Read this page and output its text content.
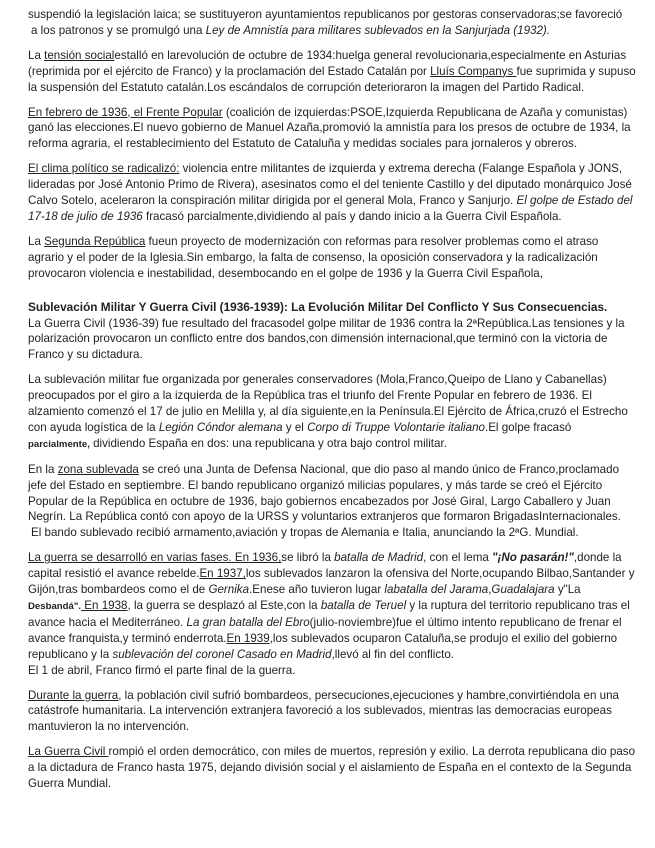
suspendió la legislación laica; se sustituyeron ayuntamientos republicanos por gestoras conservadoras;se favoreció
a los patronos y se promulgó una Ley de Amnistía para militares sublevados en la Sanjurjada (1932).

La tensión socialestalló en larevolución de octubre de 1934:huelga general revolucionaria,especialmente en Asturias (reprimida por el ejército de Franco) y la proclamación del Estado Catalán por Lluís Companys fue suprimida y supuso la suspensión del Estatuto catalán.Los escándalos de corrupción deterioraron la imagen del Partido Radical.

En febrero de 1936, el Frente Popular (coalición de izquierdas:PSOE,Izquierda Republicana de Azaña y comunistas) ganó las elecciones.El nuevo gobierno de Manuel Azaña,promovió la amnistía para los presos de octubre de 1934, la reforma agraria, el restablecimiento del Estatuto de Cataluña y medidas sociales para jornaleros y obreros.

El clima político se radicalizó: violencia entre militantes de izquierda y extrema derecha (Falange Española y JONS, lideradas por José Antonio Primo de Rivera), asesinatos como el del teniente Castillo y del diputado monárquico José Calvo Sotelo, aceleraron la conspiración militar dirigida por el general Mola, Franco y Sanjurjo. El golpe de Estado del 17-18 de julio de 1936 fracasó parcialmente,dividiendo al país y dando inicio a la Guerra Civil Española.

La Segunda República fueun proyecto de modernización con reformas para resolver problemas como el atraso agrario y el poder de la Iglesia.Sin embargo, la falta de consenso, la oposición conservadora y la radicalización provocaron violencia e inestabilidad, desembocando en el golpe de 1936 y la Guerra Civil Española,

Sublevación Militar Y Guerra Civil (1936-1939): La Evolución Militar Del Conflicto Y Sus Consecuencias.

La Guerra Civil (1936-39) fue resultado del fracasodel golpe militar de 1936 contra la 2ªRepública.Las tensiones y la polarización provocaron un conflicto entre dos bandos,con dimensión internacional,que terminó con la victoria de Franco y su dictadura.

La sublevación militar fue organizada por generales conservadores (Mola,Franco,Queipo de Llano y Cabanellas) preocupados por el giro a la izquierda de la República tras el triunfo del Frente Popular en febrero de 1936. El alzamiento comenzó el 17 de julio en Melilla y, al día siguiente,en la Península.El Ejército de África,cruzó el Estrecho con ayuda logística de la Legión Cóndor alemana y el Corpo di Truppe Volontarie italiano.El golpe fracasó parcialmente, dividiendo España en dos: una republicana y otra bajo control militar.

En la zona sublevada se creó una Junta de Defensa Nacional, que dio paso al mando único de Franco,proclamado jefe del Estado en septiembre. El bando republicano organizó milicias populares, y más tarde se creó el Ejército Popular de la República en octubre de 1936, bajo gobiernos encabezados por José Giral, Largo Caballero y Juan Negrín. La República contó con apoyo de la URSS y voluntarios extranjeros que formaron BrigadasInternacionales.
El bando sublevado recibió armamento,aviación y tropas de Alemania e Italia, anunciando la 2ªG. Mundial.

La guerra se desarrolló en varias fases. En 1936,se libró la batalla de Madrid, con el lema "¡No pasarán!",donde la capital resistió el avance rebelde.En 1937,los sublevados lanzaron la ofensiva del Norte,ocupando Bilbao,Santander y Gijón,tras bombardeos como el de Gernika.Enese año tuvieron lugar labatalla del Jarama,Guadalajara y"La Desbandá". En 1938, la guerra se desplazó al Este,con la batalla de Teruel y la ruptura del territorio republicano tras el avance hacia el Mediterráneo. La gran batalla del Ebro(julio-noviembre)fue el último intento republicano de frenar el avance franquista,y terminó enderrota.En 1939,los sublevados ocuparon Cataluña,se produjo el exilio del gobierno republicano y la sublevación del coronel Casado en Madrid,llevó al fin del conflicto.
El 1 de abril, Franco firmó el parte final de la guerra.

Durante la guerra, la población civil sufrió bombardeos, persecuciones,ejecuciones y hambre,convirtiéndola en una catástrofe humanitaria. La intervención extranjera favoreció a los sublevados, mientras las democracias europeas mantuvieron la no intervención.

La Guerra Civil rompió el orden democrático, con miles de muertos, represión y exilio. La derrota republicana dio paso a la dictadura de Franco hasta 1975, dejando división social y el aislamiento de España en el contexto de la Segunda Guerra Mundial.
